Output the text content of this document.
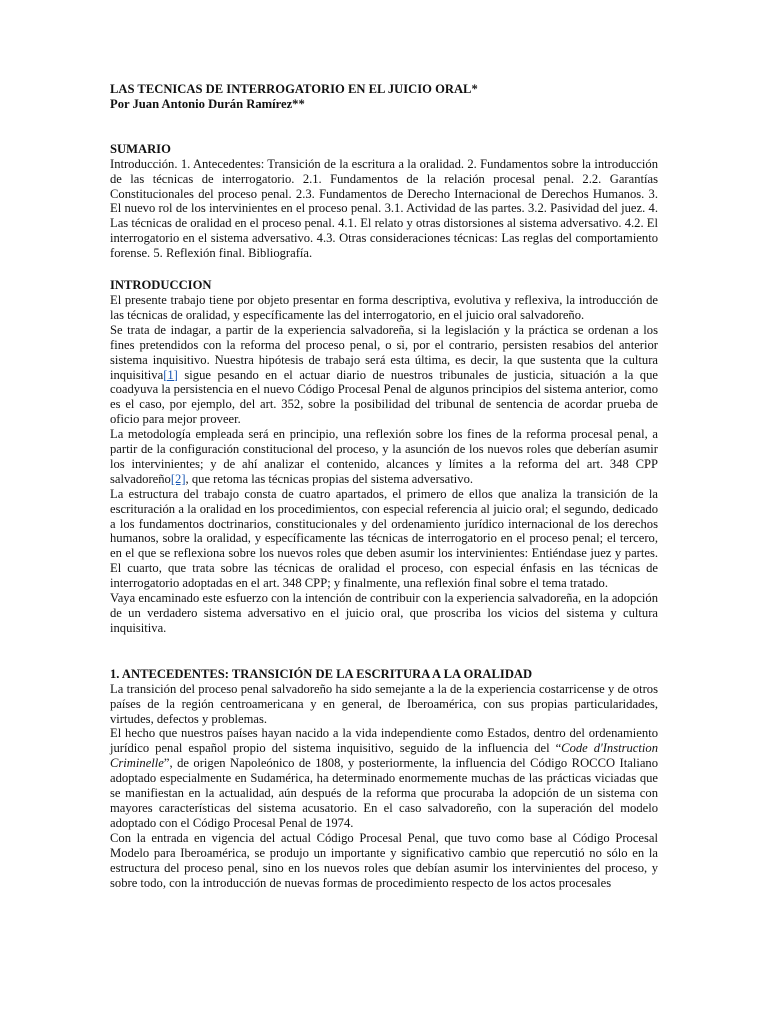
LAS TECNICAS DE INTERROGATORIO EN EL JUICIO ORAL*
Por Juan Antonio Durán Ramírez**
SUMARIO

Introducción. 1. Antecedentes: Transición de la escritura a la oralidad. 2. Fundamentos sobre la introducción de las técnicas de interrogatorio. 2.1. Fundamentos de la relación procesal penal. 2.2. Garantías Constitucionales del proceso penal. 2.3. Fundamentos de Derecho Internacional de Derechos Humanos. 3. El nuevo rol de los intervinientes en el proceso penal. 3.1. Actividad de las partes. 3.2. Pasividad del juez. 4. Las técnicas de oralidad en el proceso penal. 4.1. El relato y otras distorsiones al sistema adversativo. 4.2. El interrogatorio en el sistema adversativo. 4.3. Otras consideraciones técnicas: Las reglas del comportamiento forense. 5. Reflexión final. Bibliografía.

INTRODUCCION

El presente trabajo tiene por objeto presentar en forma descriptiva, evolutiva y reflexiva, la introducción de las técnicas de oralidad, y específicamente las del interrogatorio, en el juicio oral salvadoreño.

Se trata de indagar, a partir de la experiencia salvadoreña, si la legislación y la práctica se ordenan a los fines pretendidos con la reforma del proceso penal, o si, por el contrario, persisten resabios del anterior sistema inquisitivo. Nuestra hipótesis de trabajo será esta última, es decir, la que sustenta que la cultura inquisitiva[1] sigue pesando en el actuar diario de nuestros tribunales de justicia, situación a la que coadyuva la persistencia en el nuevo Código Procesal Penal de algunos principios del sistema anterior, como es el caso, por ejemplo, del art. 352, sobre la posibilidad del tribunal de sentencia de acordar prueba de oficio para mejor proveer.

La metodología empleada será en principio, una reflexión sobre los fines de la reforma procesal penal, a partir de la configuración constitucional del proceso, y la asunción de los nuevos roles que deberían asumir los intervinientes; y de ahí analizar el contenido, alcances y límites a la reforma del art. 348 CPP salvadoreño[2], que retoma las técnicas propias del sistema adversativo.

La estructura del trabajo consta de cuatro apartados, el primero de ellos que analiza la transición de la escrituración a la oralidad en los procedimientos, con especial referencia al juicio oral; el segundo, dedicado a los fundamentos doctrinarios, constitucionales y del ordenamiento jurídico internacional de los derechos humanos, sobre la oralidad, y específicamente las técnicas de interrogatorio en el proceso penal; el tercero, en el que se reflexiona sobre los nuevos roles que deben asumir los intervinientes: Entiéndase juez y partes. El cuarto, que trata sobre las técnicas de oralidad el proceso, con especial énfasis en las técnicas de interrogatorio adoptadas en el art. 348 CPP; y finalmente, una reflexión final sobre el tema tratado.

Vaya encaminado este esfuerzo con la intención de contribuir con la experiencia salvadoreña, en la adopción de un verdadero sistema adversativo en el juicio oral, que proscriba los vicios del sistema y cultura inquisitiva.

1. ANTECEDENTES: TRANSICIÓN DE LA ESCRITURA A LA ORALIDAD

La transición del proceso penal salvadoreño ha sido semejante a la de la experiencia costarricense y de otros países de la región centroamericana y en general, de Iberoamérica, con sus propias particularidades, virtudes, defectos y problemas.

El hecho que nuestros países hayan nacido a la vida independiente como Estados, dentro del ordenamiento jurídico penal español propio del sistema inquisitivo, seguido de la influencia del “Code d'Instruction Criminelle”, de origen Napoleónico de 1808, y posteriormente, la influencia del Código ROCCO Italiano adoptado especialmente en Sudamérica, ha determinado enormemente muchas de las prácticas viciadas que se manifiestan en la actualidad, aún después de la reforma que procuraba la adopción de un sistema con mayores características del sistema acusatorio. En el caso salvadoreño, con la superación del modelo adoptado con el Código Procesal Penal de 1974.

Con la entrada en vigencia del actual Código Procesal Penal, que tuvo como base al Código Procesal Modelo para Iberoamérica, se produjo un importante y significativo cambio que repercutió no sólo en la estructura del proceso penal, sino en los nuevos roles que debían asumir los intervinientes del proceso, y sobre todo, con la introducción de nuevas formas de procedimiento respecto de los actos procesales
